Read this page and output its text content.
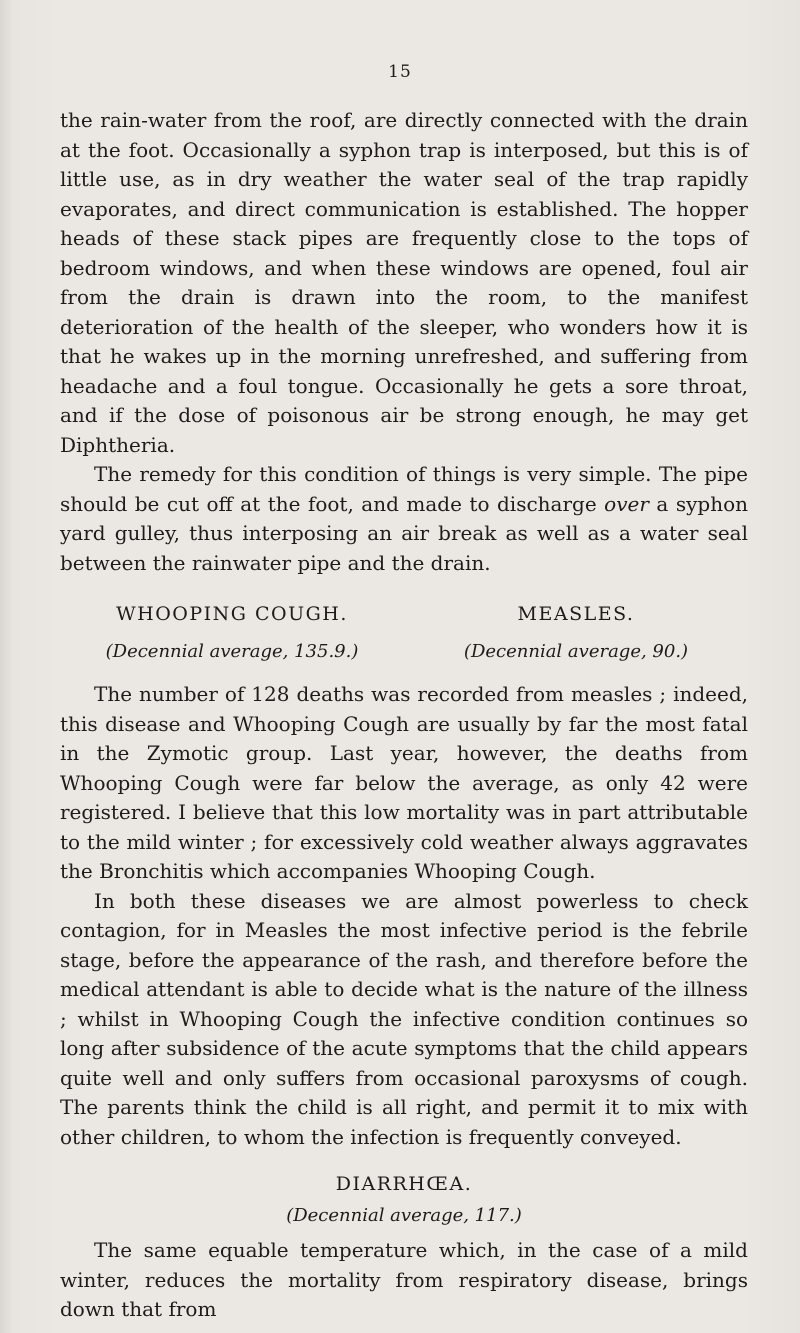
15

the rain-water from the roof, are directly connected with the drain at the foot. Occasionally a syphon trap is interposed, but this is of little use, as in dry weather the water seal of the trap rapidly evaporates, and direct communication is established. The hopper heads of these stack pipes are frequently close to the tops of bedroom windows, and when these windows are opened, foul air from the drain is drawn into the room, to the manifest deterioration of the health of the sleeper, who wonders how it is that he wakes up in the morning unrefreshed, and suffering from headache and a foul tongue. Occasionally he gets a sore throat, and if the dose of poisonous air be strong enough, he may get Diphtheria.

The remedy for this condition of things is very simple. The pipe should be cut off at the foot, and made to discharge over a syphon yard gulley, thus interposing an air break as well as a water seal between the rainwater pipe and the drain.

WHOOPING COUGH.
(Decennial average, 135.9.)
MEASLES.
(Decennial average, 90.)

The number of 128 deaths was recorded from measles ; indeed, this disease and Whooping Cough are usually by far the most fatal in the Zymotic group. Last year, however, the deaths from Whooping Cough were far below the average, as only 42 were registered. I believe that this low mortality was in part attributable to the mild winter ; for excessively cold weather always aggravates the Bronchitis which accompanies Whooping Cough.

In both these diseases we are almost powerless to check contagion, for in Measles the most infective period is the febrile stage, before the appearance of the rash, and therefore before the medical attendant is able to decide what is the nature of the illness ; whilst in Whooping Cough the infective condition continues so long after subsidence of the acute symptoms that the child appears quite well and only suffers from occasional paroxysms of cough. The parents think the child is all right, and permit it to mix with other children, to whom the infection is frequently conveyed.

DIARRHŒA.
(Decennial average, 117.)

The same equable temperature which, in the case of a mild winter, reduces the mortality from respiratory disease, brings down that from
